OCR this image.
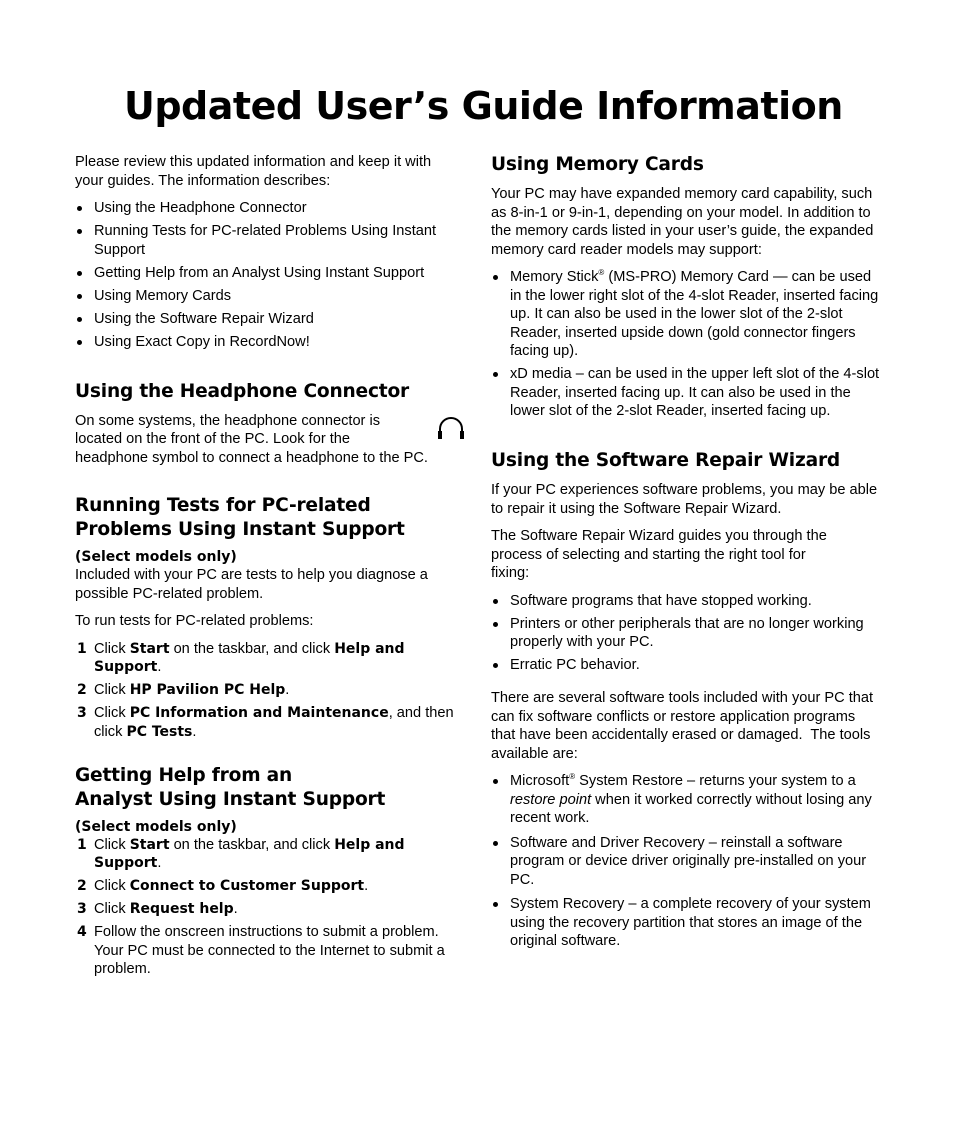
Updated User’s Guide Information

Please review this updated information and keep it with your guides. The information describes:

Using the Headphone Connector
Running Tests for PC-related Problems Using Instant Support
Getting Help from an Analyst Using Instant Support
Using Memory Cards
Using the Software Repair Wizard
Using Exact Copy in RecordNow!
Using the Headphone Connector

On some systems, the headphone connector is located on the front of the PC. Look for the

headphone symbol to connect a headphone to the PC.

Running Tests for PC-related
Problems Using Instant Support
(Select models only)

Included with your PC are tests to help you diagnose a possible PC-related problem.

To run tests for PC-related problems:

1 Click Start on the taskbar, and click Help and Support.
2 Click HP Pavilion PC Help.
3 Click PC Information and Maintenance, and then click PC Tests.
Getting Help from an
Analyst Using Instant Support
(Select models only)
1 Click Start on the taskbar, and click Help and Support.
2 Click Connect to Customer Support.
3 Click Request help.
4 Follow the onscreen instructions to submit a problem. Your PC must be connected to the Internet to submit a problem.
Using Memory Cards

Your PC may have expanded memory card capability, such as 8-in-1 or 9-in-1, depending on your model. In addition to the memory cards listed in your user’s guide, the expanded memory card reader models may support:

Memory Stick® (MS-PRO) Memory Card — can be used in the lower right slot of the 4-slot Reader, inserted facing up. It can also be used in the lower slot of the 2-slot Reader, inserted upside down (gold connector fingers facing up).
xD media – can be used in the upper left slot of the 4-slot Reader, inserted facing up. It can also be used in the lower slot of the 2-slot Reader, inserted facing up.
Using the Software Repair Wizard

If your PC experiences software problems, you may be able to repair it using the Software Repair Wizard.

The Software Repair Wizard guides you through the process of selecting and starting the right tool for fixing:

Software programs that have stopped working.
Printers or other peripherals that are no longer working properly with your PC.
Erratic PC behavior.

There are several software tools included with your PC that can fix software conflicts or restore application programs that have been accidentally erased or damaged.  The tools available are:

Microsoft® System Restore – returns your system to a restore point when it worked correctly without losing any recent work.
Software and Driver Recovery – reinstall a software program or device driver originally pre-installed on your PC.
System Recovery – a complete recovery of your system using the recovery partition that stores an image of the original software.
